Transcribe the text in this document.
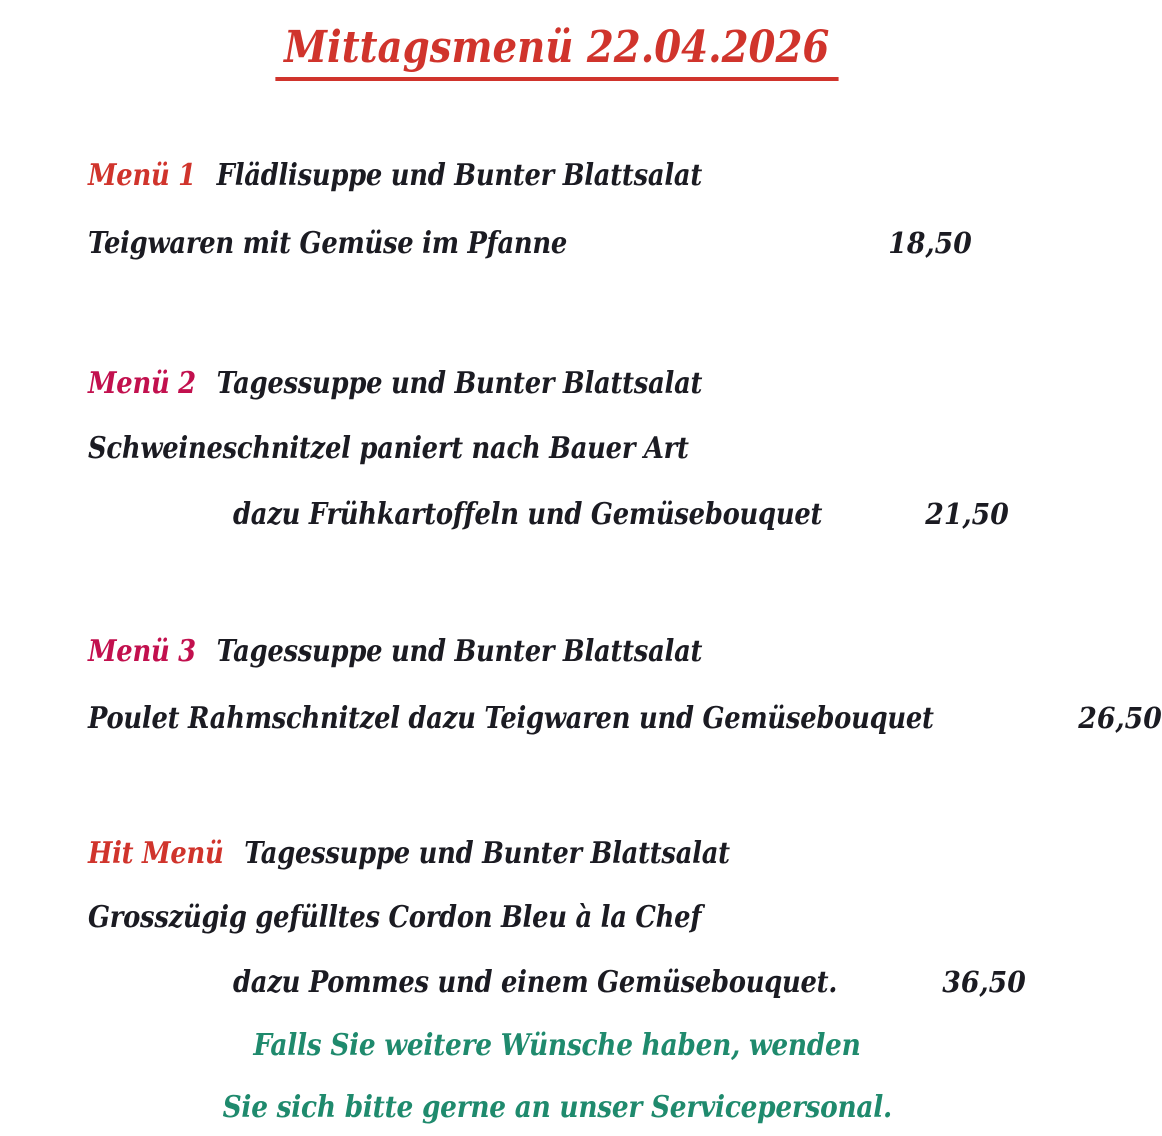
Mittagsmenü 22.04.2026
Menü 1 Flädlisuppe und Bunter Blattsalat
Teigwaren mit Gemüse im Pfanne	18,50
Menü 2 Tagessuppe und Bunter Blattsalat
Schweineschnitzel paniert nach Bauer Art
dazu Frühkartoffeln und Gemüsebouquet	21,50
Menü 3 Tagessuppe und Bunter Blattsalat
Poulet Rahmschnitzel dazu Teigwaren und Gemüsebouquet	26,50
Hit Menü Tagessuppe und Bunter Blattsalat
Grosszügig gefülltes Cordon Bleu à la Chef
dazu Pommes und einem Gemüsebouquet.	36,50
Falls Sie weitere Wünsche haben, wenden
Sie sich bitte gerne an unser Servicepersonal.
